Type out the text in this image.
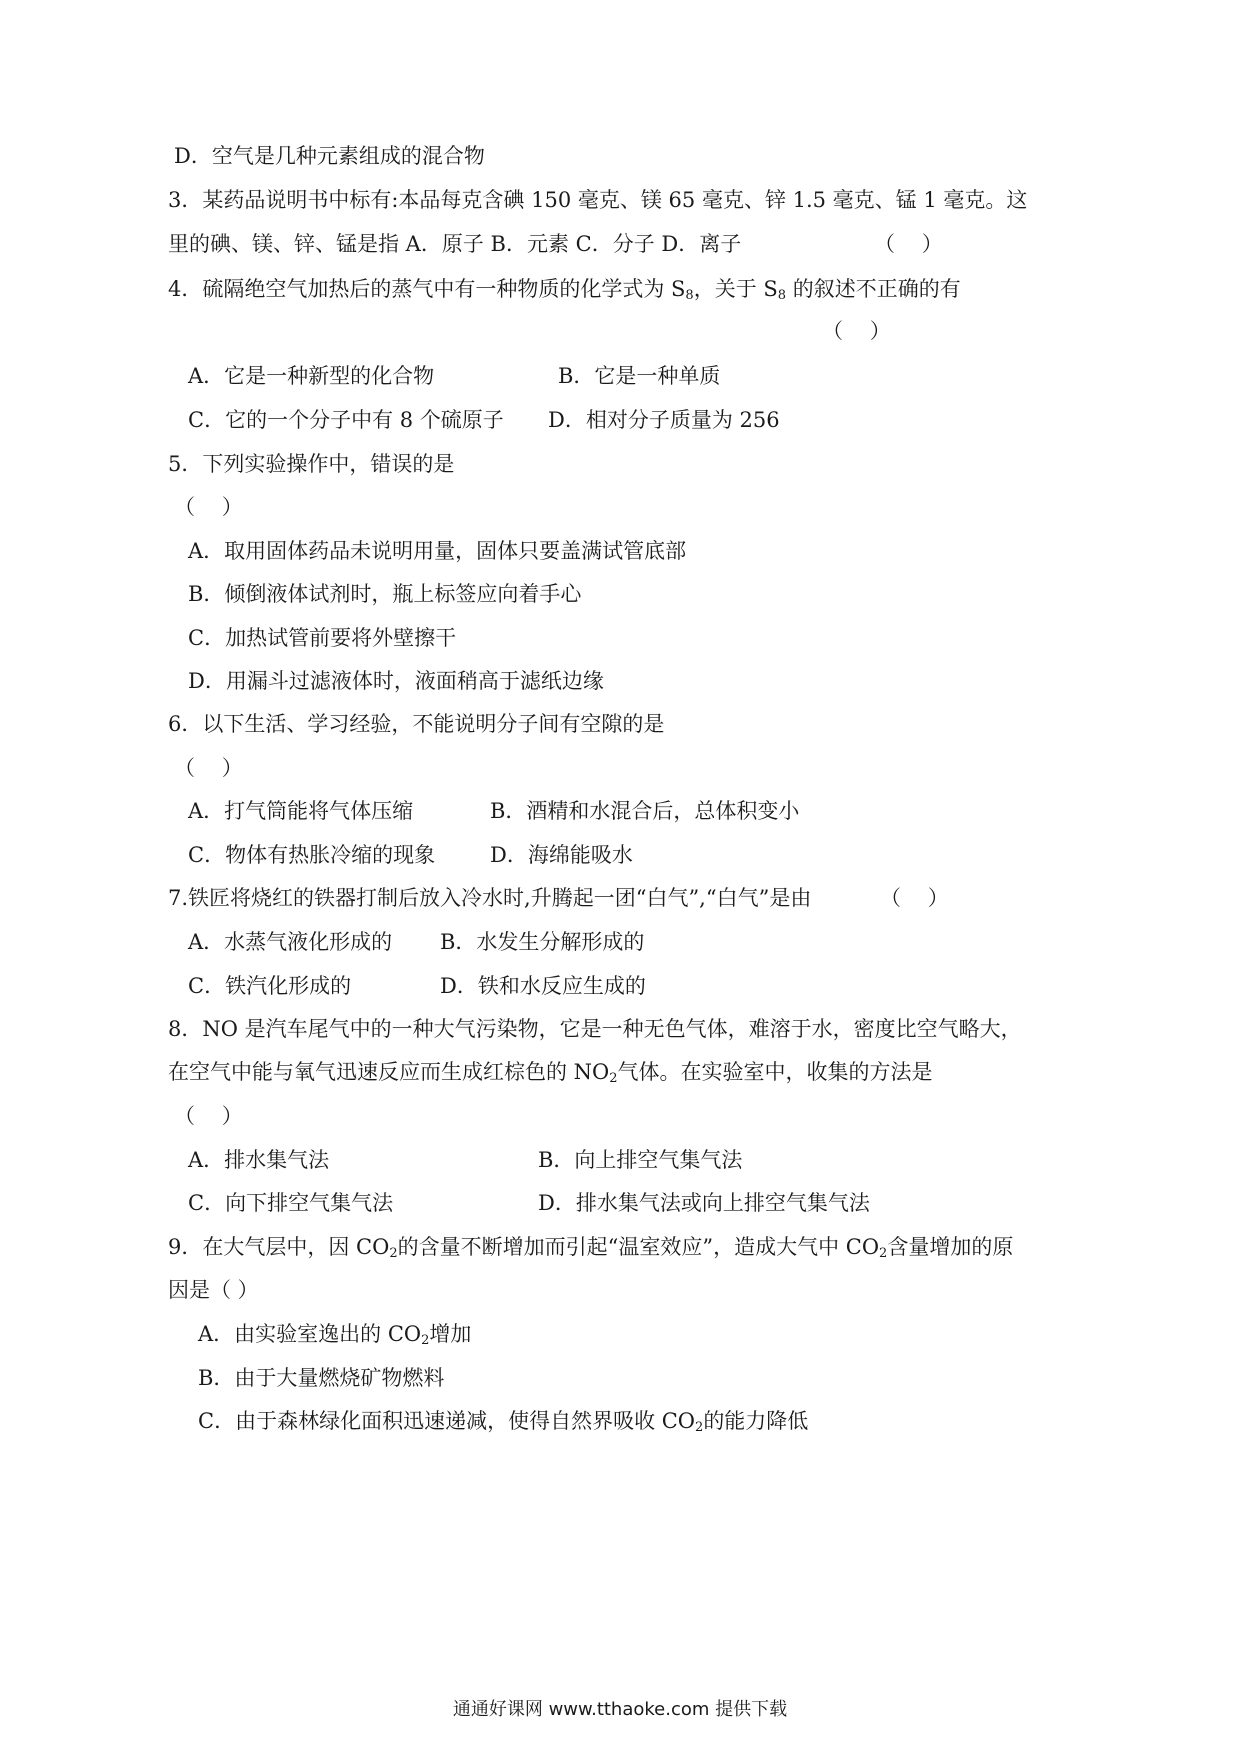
D．空气是几种元素组成的混合物
3．某药品说明书中标有:本品每克含碘 150 毫克、镁 65 毫克、锌 1.5 毫克、锰 1 毫克。这
里的碘、镁、锌、锰是指 A．原子 B．元素 C．分子 D．离子	（    ）
4．硫隔绝空气加热后的蒸气中有一种物质的化学式为 $S_8$，关于 $S_8$ 的叙述不正确的有
（    ）
A．它是一种新型的化合物	B．它是一种单质
C．它的一个分子中有 8 个硫原子 D．相对分子质量为 256
5．下列实验操作中，错误的是
（    ）
A．取用固体药品未说明用量，固体只要盖满试管底部
B．倾倒液体试剂时，瓶上标签应向着手心
C．加热试管前要将外壁擦干
D．用漏斗过滤液体时，液面稍高于滤纸边缘
6．以下生活、学习经验，不能说明分子间有空隙的是
（    ）
A．打气筒能将气体压缩	B．酒精和水混合后，总体积变小
C．物体有热胀冷缩的现象	D．海绵能吸水
7.铁匠将烧红的铁器打制后放入冷水时,升腾起一团“白气”,“白气”是由	（    ）
A．水蒸气液化形成的 B．水发生分解形成的
C．铁汽化形成的	D．铁和水反应生成的
8．NO 是汽车尾气中的一种大气污染物，它是一种无色气体，难溶于水，密度比空气略大，
在空气中能与氧气迅速反应而生成红棕色的 $NO_2$气体。在实验室中，收集的方法是
（    ）
A．排水集气法	B．向上排空气集气法
C．向下排空气集气法	D．排水集气法或向上排空气集气法
9．在大气层中，因 $CO_2$的含量不断增加而引起“温室效应”，造成大气中 $CO_2$含量增加的原
因是（ ）
A．由实验室逸出的 $CO_2$增加
B．由于大量燃烧矿物燃料
C．由于森林绿化面积迅速递减，使得自然界吸收 $CO_2$的能力降低
通通好课网 www.tthaoke.com 提供下载
